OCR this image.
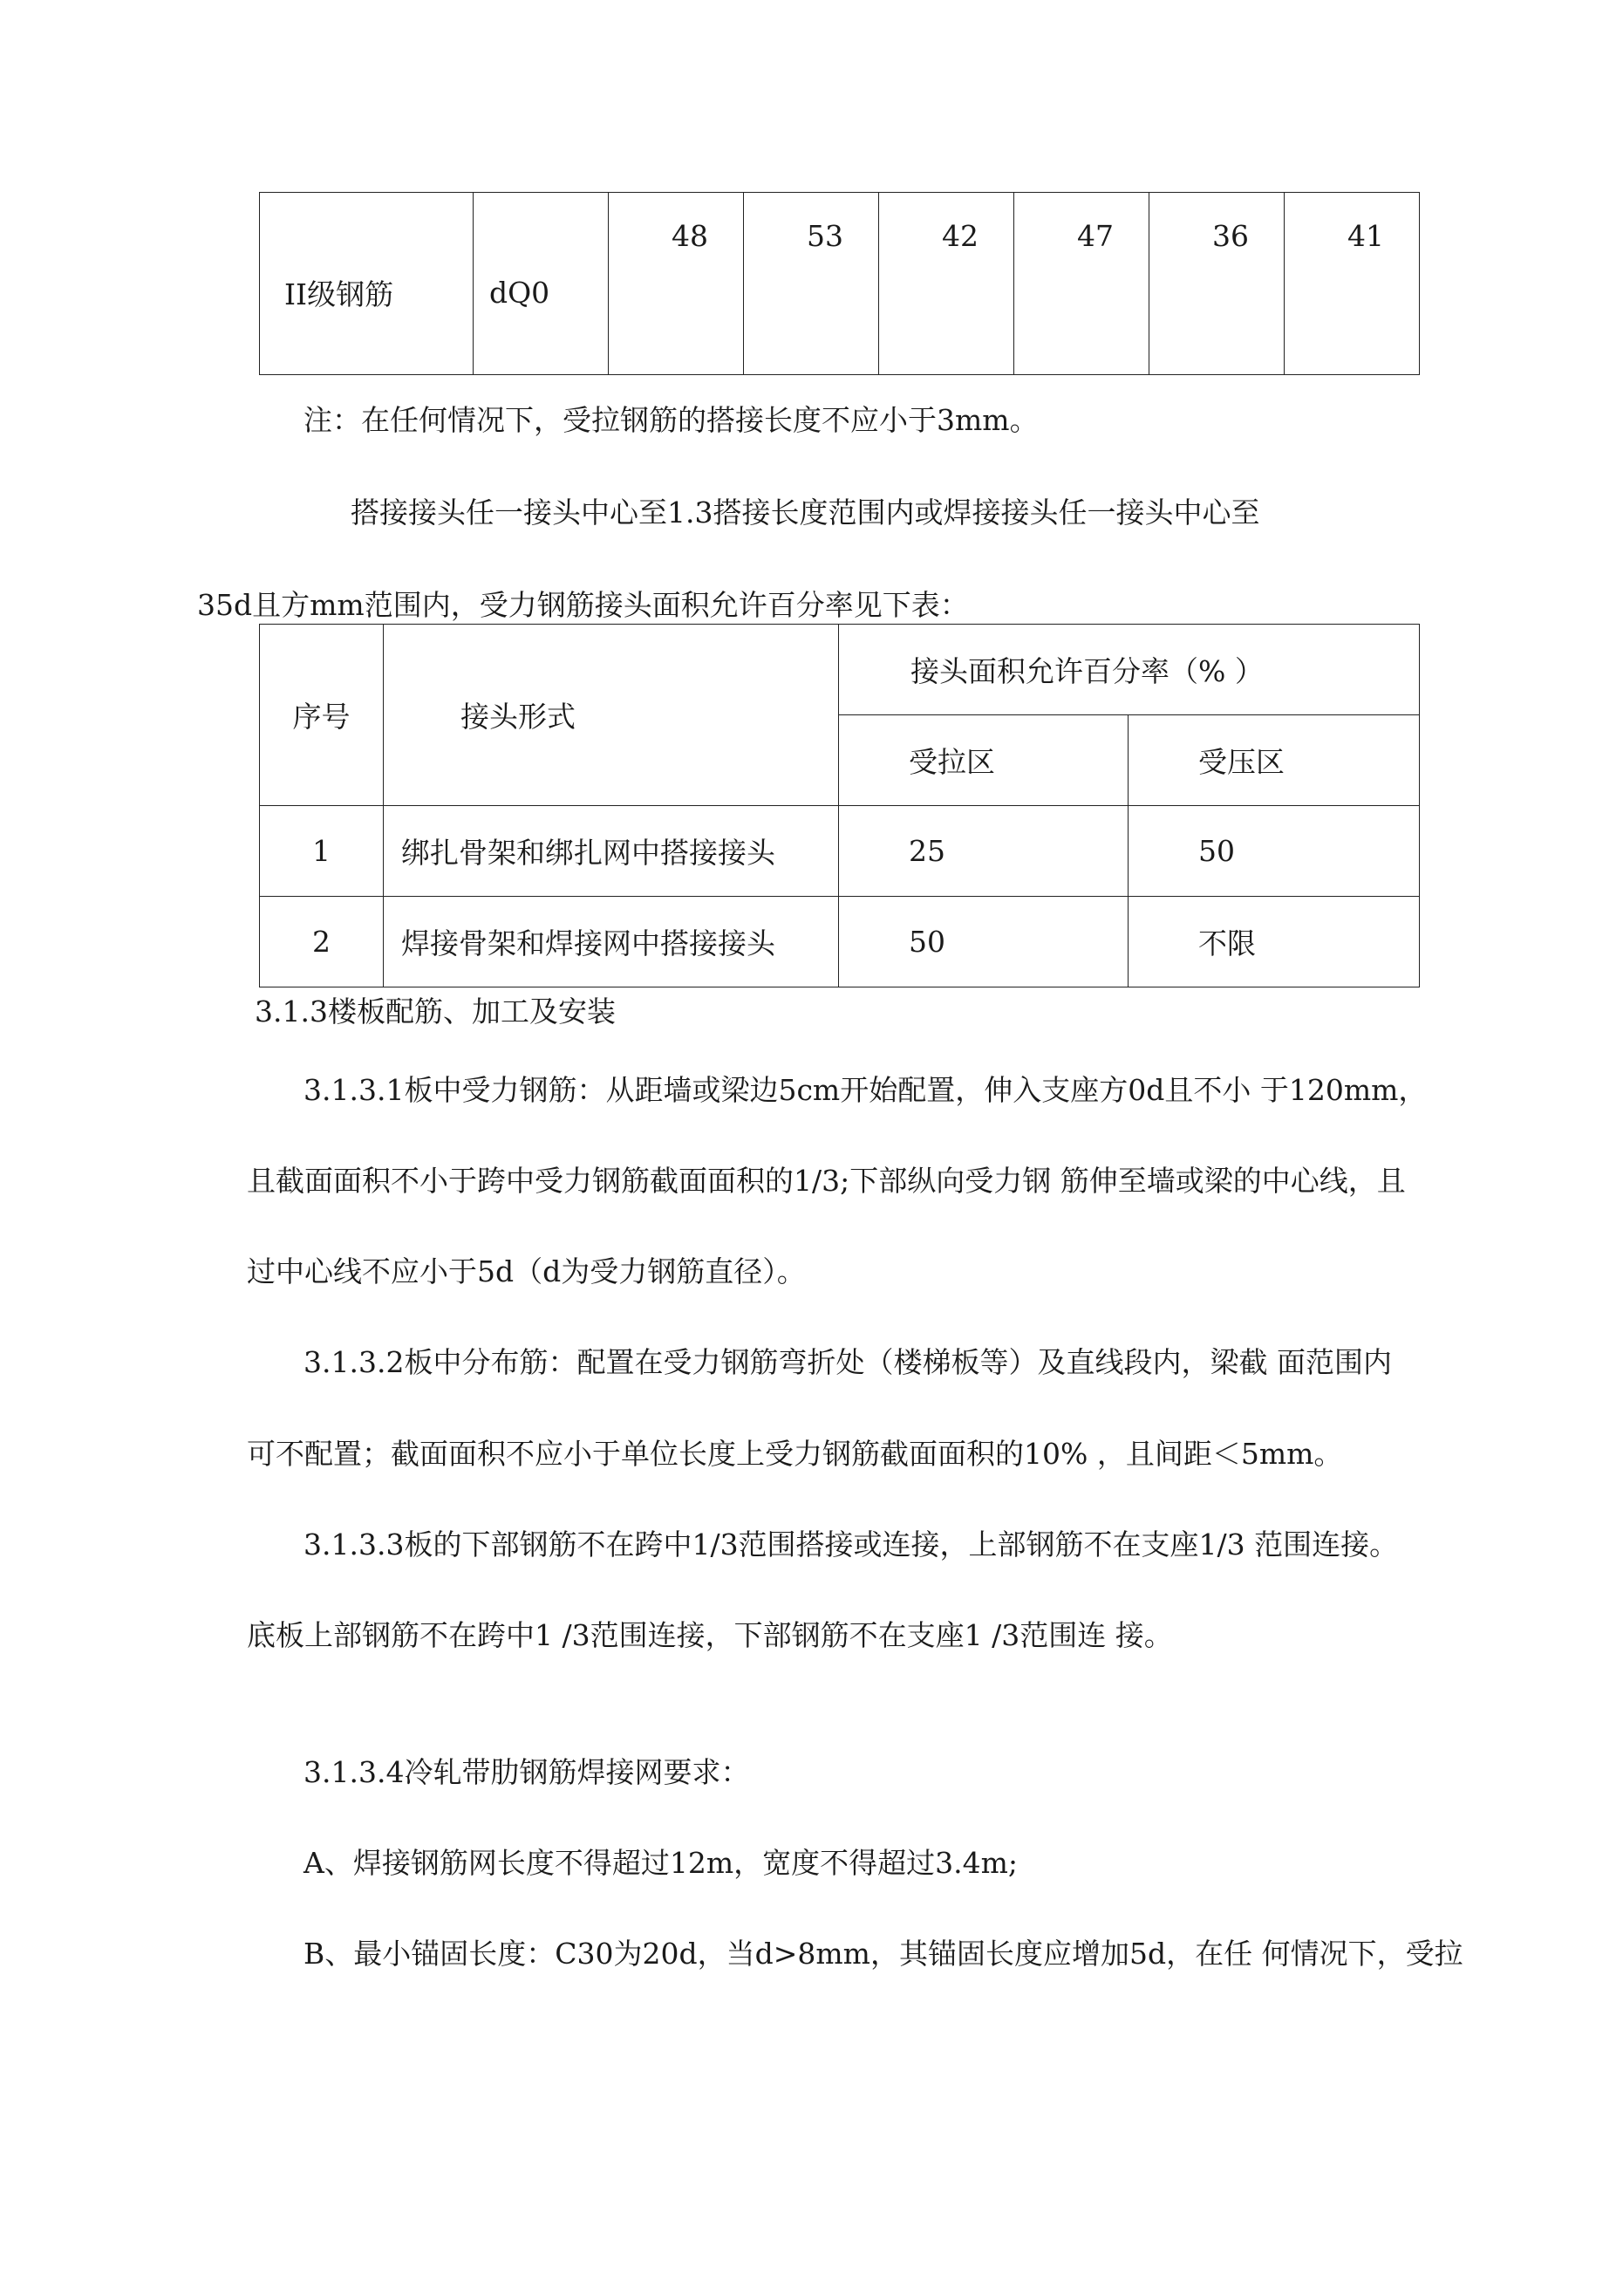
II级钢筋	dQ0	48	53	42	47	36	41
注：在任何情况下，受拉钢筋的搭接长度不应小于3mm。
搭接接头任一接头中心至1.3搭接长度范围内或焊接接头任一接头中心至
35d且方mm范围内，受力钢筋接头面积允许百分率见下表：
序号	接头形式	接头面积允许百分率（% ）	
		受拉区	受压区
1	绑扎骨架和绑扎网中搭接接头	25	50
2	焊接骨架和焊接网中搭接接头	50	不限
3.1.3楼板配筋、加工及安装
3.1.3.1板中受力钢筋：从距墙或梁边5cm开始配置，伸入支座方0d且不小 于120mm，
且截面面积不小于跨中受力钢筋截面面积的1/3;下部纵向受力钢 筋伸至墙或梁的中心线，且
过中心线不应小于5d（d为受力钢筋直径）。
3.1.3.2板中分布筋：配置在受力钢筋弯折处（楼梯板等）及直线段内，梁截 面范围内
可不配置；截面面积不应小于单位长度上受力钢筋截面面积的10% ，且间距＜5mm。
3.1.3.3板的下部钢筋不在跨中1/3范围搭接或连接，上部钢筋不在支座1/3 范围连接。
底板上部钢筋不在跨中1 /3范围连接，下部钢筋不在支座1 /3范围连 接。
3.1.3.4冷轧带肋钢筋焊接网要求：
A、焊接钢筋网长度不得超过12m，宽度不得超过3.4m;
B、最小锚固长度：C30为20d，当d>8mm，其锚固长度应增加5d，在任 何情况下，受拉
